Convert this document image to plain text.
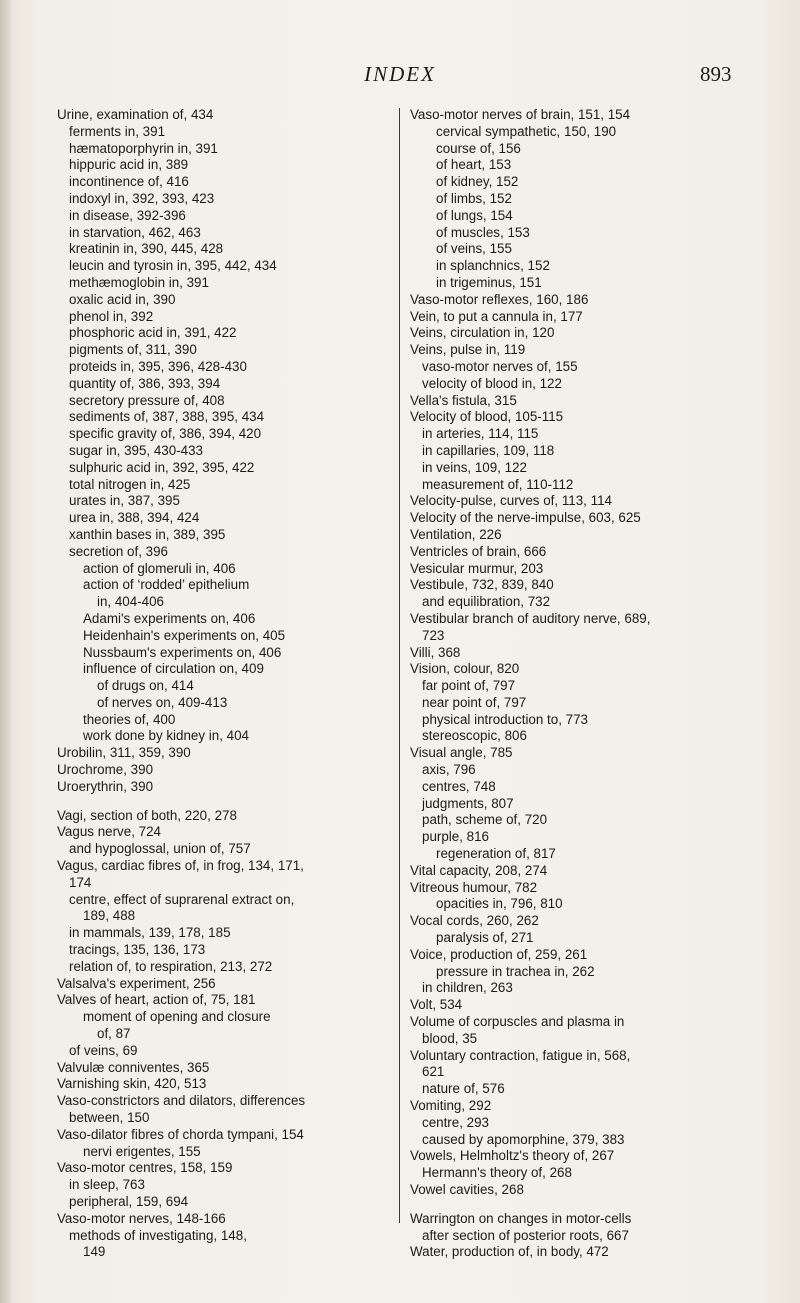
INDEX	893
Urine, examination of, 434
ferments in, 391
hæmatoporphyrin in, 391
hippuric acid in, 389
incontinence of, 416
indoxyl in, 392, 393, 423
in disease, 392-396
in starvation, 462, 463
kreatinin in, 390, 445, 428
leucin and tyrosin in, 395, 442, 434
methæmoglobin in, 391
oxalic acid in, 390
phenol in, 392
phosphoric acid in, 391, 422
pigments of, 311, 390
proteids in, 395, 396, 428-430
quantity of, 386, 393, 394
secretory pressure of, 408
sediments of, 387, 388, 395, 434
specific gravity of, 386, 394, 420
sugar in, 395, 430-433
sulphuric acid in, 392, 395, 422
total nitrogen in, 425
urates in, 387, 395
urea in, 388, 394, 424
xanthin bases in, 389, 395
secretion of, 396
action of glomeruli in, 406
action of ‘rodded’ epithelium
in, 404-406
Adami's experiments on, 406
Heidenhain's experiments on, 405
Nussbaum's experiments on, 406
influence of circulation on, 409
of drugs on, 414
of nerves on, 409-413
theories of, 400
work done by kidney in, 404
Urobilin, 311, 359, 390
Urochrome, 390
Uroerythrin, 390
Vagi, section of both, 220, 278
Vagus nerve, 724
and hypoglossal, union of, 757
Vagus, cardiac fibres of, in frog, 134, 171,
174
centre, effect of suprarenal extract on,
189, 488
in mammals, 139, 178, 185
tracings, 135, 136, 173
relation of, to respiration, 213, 272
Valsalva's experiment, 256
Valves of heart, action of, 75, 181
moment of opening and closure
of, 87
of veins, 69
Valvulæ conniventes, 365
Varnishing skin, 420, 513
Vaso-constrictors and dilators, differences
between, 150
Vaso-dilator fibres of chorda tympani, 154
nervi erigentes, 155
Vaso-motor centres, 158, 159
in sleep, 763
peripheral, 159, 694
Vaso-motor nerves, 148-166
methods of investigating, 148,
149
Vaso-motor nerves of brain, 151, 154
cervical sympathetic, 150, 190
course of, 156
of heart, 153
of kidney, 152
of limbs, 152
of lungs, 154
of muscles, 153
of veins, 155
in splanchnics, 152
in trigeminus, 151
Vaso-motor reflexes, 160, 186
Vein, to put a cannula in, 177
Veins, circulation in, 120
Veins, pulse in, 119
vaso-motor nerves of, 155
velocity of blood in, 122
Vella's fistula, 315
Velocity of blood, 105-115
in arteries, 114, 115
in capillaries, 109, 118
in veins, 109, 122
measurement of, 110-112
Velocity-pulse, curves of, 113, 114
Velocity of the nerve-impulse, 603, 625
Ventilation, 226
Ventricles of brain, 666
Vesicular murmur, 203
Vestibule, 732, 839, 840
and equilibration, 732
Vestibular branch of auditory nerve, 689,
723
Villi, 368
Vision, colour, 820
far point of, 797
near point of, 797
physical introduction to, 773
stereoscopic, 806
Visual angle, 785
axis, 796
centres, 748
judgments, 807
path, scheme of, 720
purple, 816
regeneration of, 817
Vital capacity, 208, 274
Vitreous humour, 782
opacities in, 796, 810
Vocal cords, 260, 262
paralysis of, 271
Voice, production of, 259, 261
pressure in trachea in, 262
in children, 263
Volt, 534
Volume of corpuscles and plasma in
blood, 35
Voluntary contraction, fatigue in, 568,
621
nature of, 576
Vomiting, 292
centre, 293
caused by apomorphine, 379, 383
Vowels, Helmholtz's theory of, 267
Hermann's theory of, 268
Vowel cavities, 268
Warrington on changes in motor-cells
after section of posterior roots, 667
Water, production of, in body, 472
